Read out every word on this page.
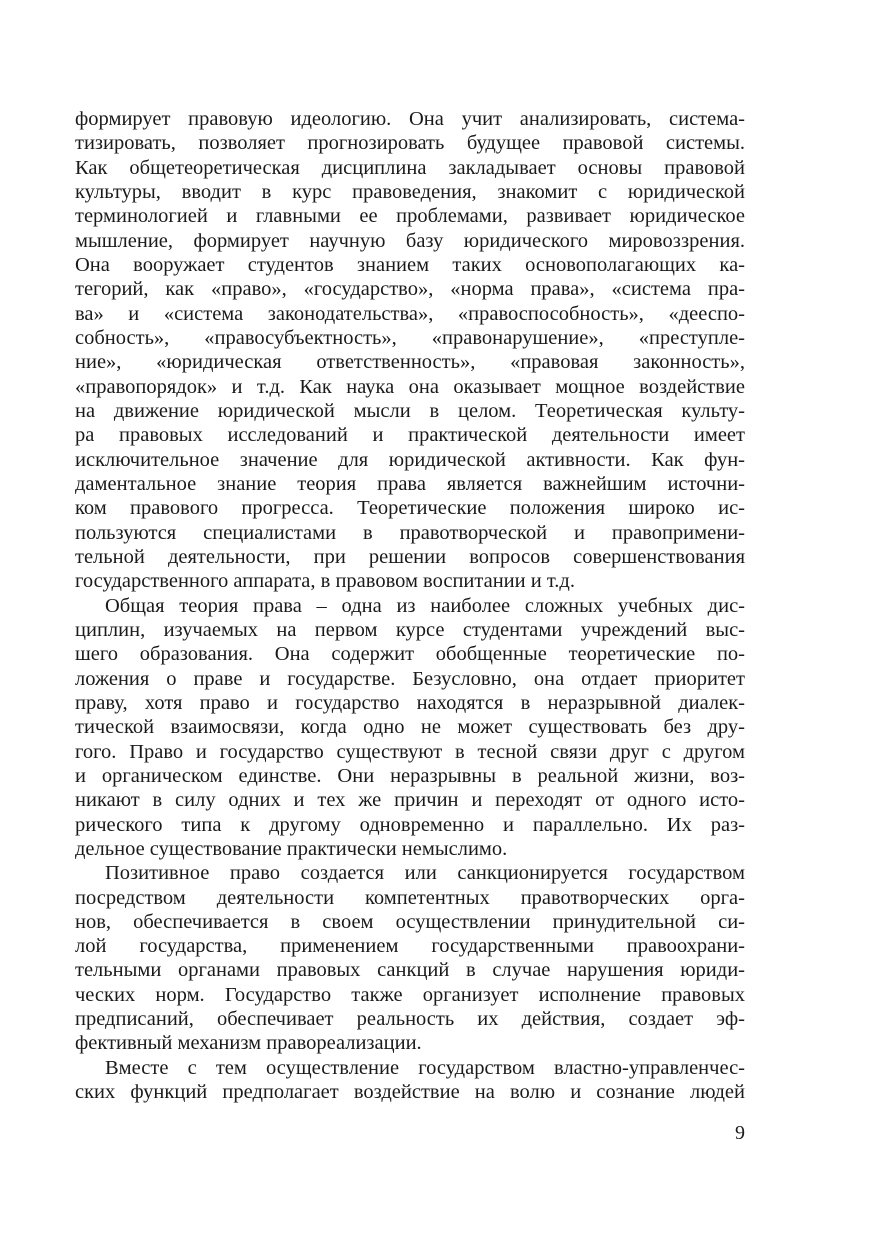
формирует правовую идеологию. Она учит анализировать, система-
тизировать, позволяет прогнозировать будущее правовой системы.
Как общетеоретическая дисциплина закладывает основы правовой
культуры, вводит в курс правоведения, знакомит с юридической
терминологией и главными ее проблемами, развивает юридическое
мышление, формирует научную базу юридического мировоззрения.
Она вооружает студентов знанием таких основополагающих ка-
тегорий, как «право», «государство», «норма права», «система пра-
ва» и «система законодательства», «правоспособность», «дееспо-
собность», «правосубъектность», «правонарушение», «преступле-
ние», «юридическая ответственность», «правовая законность»,
«правопорядок» и т.д. Как наука она оказывает мощное воздействие
на движение юридической мысли в целом. Теоретическая культу-
ра правовых исследований и практической деятельности имеет
исключительное значение для юридической активности. Как фун-
даментальное знание теория права является важнейшим источни-
ком правового прогресса. Теоретические положения широко ис-
пользуются специалистами в правотворческой и правопримени-
тельной деятельности, при решении вопросов совершенствования
государственного аппарата, в правовом воспитании и т.д.
Общая теория права – одна из наиболее сложных учебных дис-
циплин, изучаемых на первом курсе студентами учреждений выс-
шего образования. Она содержит обобщенные теоретические по-
ложения о праве и государстве. Безусловно, она отдает приоритет
праву, хотя право и государство находятся в неразрывной диалек-
тической взаимосвязи, когда одно не может существовать без дру-
гого. Право и государство существуют в тесной связи друг с другом
и органическом единстве. Они неразрывны в реальной жизни, воз-
никают в силу одних и тех же причин и переходят от одного исто-
рического типа к другому одновременно и параллельно. Их раз-
дельное существование практически немыслимо.
Позитивное право создается или санкционируется государством
посредством деятельности компетентных правотворческих орга-
нов, обеспечивается в своем осуществлении принудительной си-
лой государства, применением государственными правоохрани-
тельными органами правовых санкций в случае нарушения юриди-
ческих норм. Государство также организует исполнение правовых
предписаний, обеспечивает реальность их действия, создает эф-
фективный механизм правореализации.
Вместе с тем осуществление государством властно-управленчес-
ских функций предполагает воздействие на волю и сознание людей
9
